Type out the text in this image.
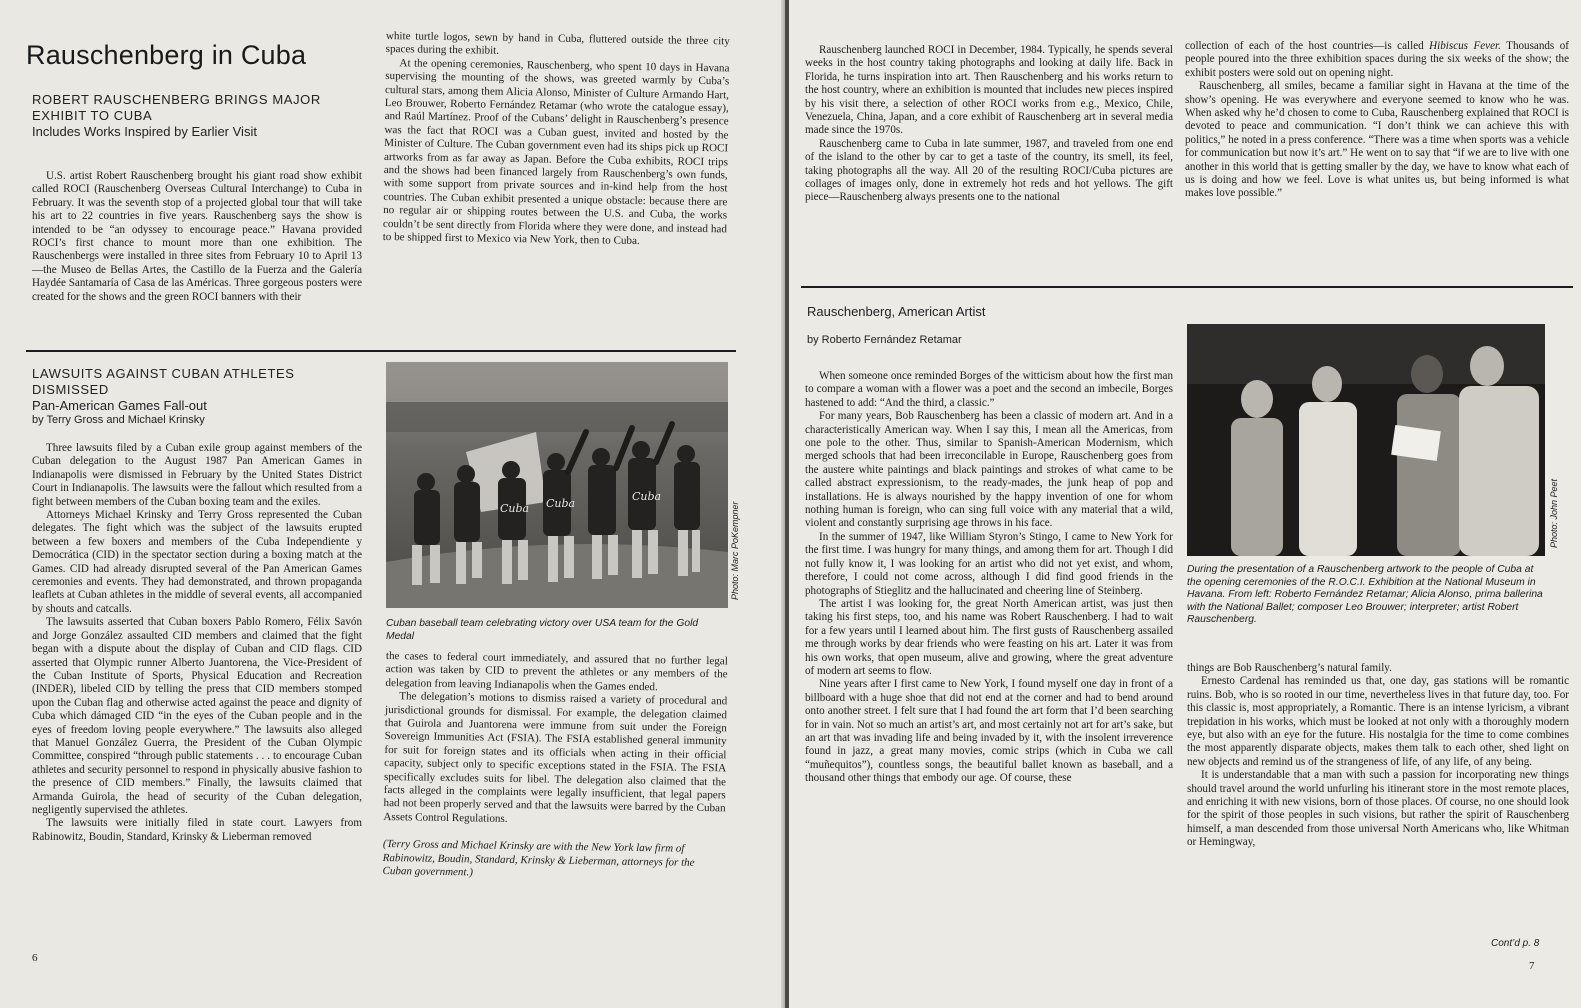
Rauschenberg in Cuba
ROBERT RAUSCHENBERG BRINGS MAJOR
EXHIBIT TO CUBA
Includes Works Inspired by Earlier Visit

U.S. artist Robert Rauschenberg brought his giant road show exhibit called ROCI (Rauschenberg Overseas Cultural Interchange) to Cuba in February. It was the seventh stop of a projected global tour that will take his art to 22 countries in five years. Rauschenberg says the show is intended to be “an odyssey to encourage peace.” Havana provided ROCI’s first chance to mount more than one exhibition. The Rauschenbergs were installed in three sites from February 10 to April 13—the Museo de Bellas Artes, the Castillo de la Fuerza and the Galería Haydée Santamaría of Casa de las Américas. Three gorgeous posters were created for the shows and the green ROCI banners with their

white turtle logos, sewn by hand in Cuba, fluttered outside the three city spaces during the exhibit.

At the opening ceremonies, Rauschenberg, who spent 10 days in Havana supervising the mounting of the shows, was greeted warmly by Cuba’s cultural stars, among them Alicia Alonso, Minister of Culture Armando Hart, Leo Brouwer, Roberto Fernández Retamar (who wrote the catalogue essay), and Raúl Martínez. Proof of the Cubans’ delight in Rauschenberg’s presence was the fact that ROCI was a Cuban guest, invited and hosted by the Minister of Culture. The Cuban government even had its ships pick up ROCI artworks from as far away as Japan. Before the Cuba exhibits, ROCI trips and the shows had been financed largely from Rauschenberg’s own funds, with some support from private sources and in-kind help from the host countries. The Cuban exhibit presented a unique obstacle: because there are no regular air or shipping routes between the U.S. and Cuba, the works couldn’t be sent directly from Florida where they were done, and instead had to be shipped first to Mexico via New York, then to Cuba.

LAWSUITS AGAINST CUBAN ATHLETES
DISMISSED
Pan-American Games Fall-out
by Terry Gross and Michael Krinsky

Three lawsuits filed by a Cuban exile group against members of the Cuban delegation to the August 1987 Pan American Games in Indianapolis were dismissed in February by the United States District Court in Indianapolis. The lawsuits were the fallout which resulted from a fight between members of the Cuban boxing team and the exiles.

Attorneys Michael Krinsky and Terry Gross represented the Cuban delegates. The fight which was the subject of the lawsuits erupted between a few boxers and members of the Cuba Independiente y Democrática (CID) in the spectator section during a boxing match at the Games. CID had already disrupted several of the Pan American Games ceremonies and events. They had demonstrated, and thrown propaganda leaflets at Cuban athletes in the middle of several events, all accompanied by shouts and catcalls.

The lawsuits asserted that Cuban boxers Pablo Romero, Félix Savón and Jorge González assaulted CID members and claimed that the fight began with a dispute about the display of Cuban and CID flags. CID asserted that Olympic runner Alberto Juantorena, the Vice-President of the Cuban Institute of Sports, Physical Education and Recreation (INDER), libeled CID by telling the press that CID members stomped upon the Cuban flag and otherwise acted against the peace and dignity of Cuba which dámaged CID “in the eyes of the Cuban people and in the eyes of freedom loving people everywhere.” The lawsuits also alleged that Manuel González Guerra, the President of the Cuban Olympic Committee, conspired “through public statements . . . to encourage Cuban athletes and security personnel to respond in physically abusive fashion to the presence of CID members.” Finally, the lawsuits claimed that Armanda Guirola, the head of security of the Cuban delegation, negligently supervised the athletes.

The lawsuits were initially filed in state court. Lawyers from Rabinowitz, Boudin, Standard, Krinsky & Lieberman removed

Cuba Cuba
Cuba
Photo: Marc PoKempner

Cuban baseball team celebrating victory over USA team for the Gold Medal

the cases to federal court immediately, and assured that no further legal action was taken by CID to prevent the athletes or any members of the delegation from leaving Indianapolis when the Games ended.

The delegation’s motions to dismiss raised a variety of procedural and jurisdictional grounds for dismissal. For example, the delegation claimed that Guirola and Juantorena were immune from suit under the Foreign Sovereign Immunities Act (FSIA). The FSIA established general immunity for suit for foreign states and its officials when acting in their official capacity, subject only to specific exceptions stated in the FSIA. The FSIA specifically excludes suits for libel. The delegation also claimed that the facts alleged in the complaints were legally insufficient, that legal papers had not been properly served and that the lawsuits were barred by the Cuban Assets Control Regulations.

(Terry Gross and Michael Krinsky are with the New York law firm of Rabinowitz, Boudin, Standard, Krinsky & Lieberman, attorneys for the Cuban government.)

6

Rauschenberg launched ROCI in December, 1984. Typically, he spends several weeks in the host country taking photographs and looking at daily life. Back in Florida, he turns inspiration into art. Then Rauschenberg and his works return to the host country, where an exhibition is mounted that includes new pieces inspired by his visit there, a selection of other ROCI works from e.g., Mexico, Chile, Venezuela, China, Japan, and a core exhibit of Rauschenberg art in several media made since the 1970s.

Rauschenberg came to Cuba in late summer, 1987, and traveled from one end of the island to the other by car to get a taste of the country, its smell, its feel, taking photographs all the way. All 20 of the resulting ROCI/Cuba pictures are collages of images only, done in extremely hot reds and hot yellows. The gift piece—Rauschenberg always presents one to the national

collection of each of the host countries—is called Hibiscus Fever. Thousands of people poured into the three exhibition spaces during the six weeks of the show; the exhibit posters were sold out on opening night.

Rauschenberg, all smiles, became a familiar sight in Havana at the time of the show’s opening. He was everywhere and everyone seemed to know who he was. When asked why he’d chosen to come to Cuba, Rauschenberg explained that ROCI is devoted to peace and communication. “I don’t think we can achieve this with politics,” he noted in a press conference. “There was a time when sports was a vehicle for communication but now it’s art.” He went on to say that “if we are to live with one another in this world that is getting smaller by the day, we have to know what each of us is doing and how we feel. Love is what unites us, but being informed is what makes love possible.”

Rauschenberg, American Artist
by Roberto Fernández Retamar

When someone once reminded Borges of the witticism about how the first man to compare a woman with a flower was a poet and the second an imbecile, Borges hastened to add: “And the third, a classic.”

For many years, Bob Rauschenberg has been a classic of modern art. And in a characteristically American way. When I say this, I mean all the Americas, from one pole to the other. Thus, similar to Spanish-American Modernism, which merged schools that had been irreconcilable in Europe, Rauschenberg goes from the austere white paintings and black paintings and strokes of what came to be called abstract expressionism, to the ready-mades, the junk heap of pop and installations. He is always nourished by the happy invention of one for whom nothing human is foreign, who can sing full voice with any material that a wild, violent and constantly surprising age throws in his face.

In the summer of 1947, like William Styron’s Stingo, I came to New York for the first time. I was hungry for many things, and among them for art. Though I did not fully know it, I was looking for an artist who did not yet exist, and whom, therefore, I could not come across, although I did find good friends in the photographs of Stieglitz and the hallucinated and cheering line of Steinberg.

The artist I was looking for, the great North American artist, was just then taking his first steps, too, and his name was Robert Rauschenberg. I had to wait for a few years until I learned about him. The first gusts of Rauschenberg assailed me through works by dear friends who were feasting on his art. Later it was from his own works, that open museum, alive and growing, where the great adventure of modern art seems to flow.

Nine years after I first came to New York, I found myself one day in front of a billboard with a huge shoe that did not end at the corner and had to bend around onto another street. I felt sure that I had found the art form that I’d been searching for in vain. Not so much an artist’s art, and most certainly not art for art’s sake, but an art that was invading life and being invaded by it, with the insolent irreverence found in jazz, a great many movies, comic strips (which in Cuba we call “muñequitos”), countless songs, the beautiful ballet known as baseball, and a thousand other things that embody our age. Of course, these

Photo: John Peet

During the presentation of a Rauschenberg artwork to the people of Cuba at the opening ceremonies of the R.O.C.I. Exhibition at the National Museum in Havana. From left: Roberto Fernández Retamar; Alicia Alonso, prima ballerina with the National Ballet; composer Leo Brouwer; interpreter; artist Robert Rauschenberg.

things are Bob Rauschenberg’s natural family.

Ernesto Cardenal has reminded us that, one day, gas stations will be romantic ruins. Bob, who is so rooted in our time, nevertheless lives in that future day, too. For this classic is, most appropriately, a Romantic. There is an intense lyricism, a vibrant trepidation in his works, which must be looked at not only with a thoroughly modern eye, but also with an eye for the future. His nostalgia for the time to come combines the most apparently disparate objects, makes them talk to each other, shed light on new objects and remind us of the strangeness of life, of any life, of any being.

It is understandable that a man with such a passion for incorporating new things should travel around the world unfurling his itinerant store in the most remote places, and enriching it with new visions, born of those places. Of course, no one should look for the spirit of those peoples in such visions, but rather the spirit of Rauschenberg himself, a man descended from those universal North Americans who, like Whitman or Hemingway,

Cont’d p. 8
7
